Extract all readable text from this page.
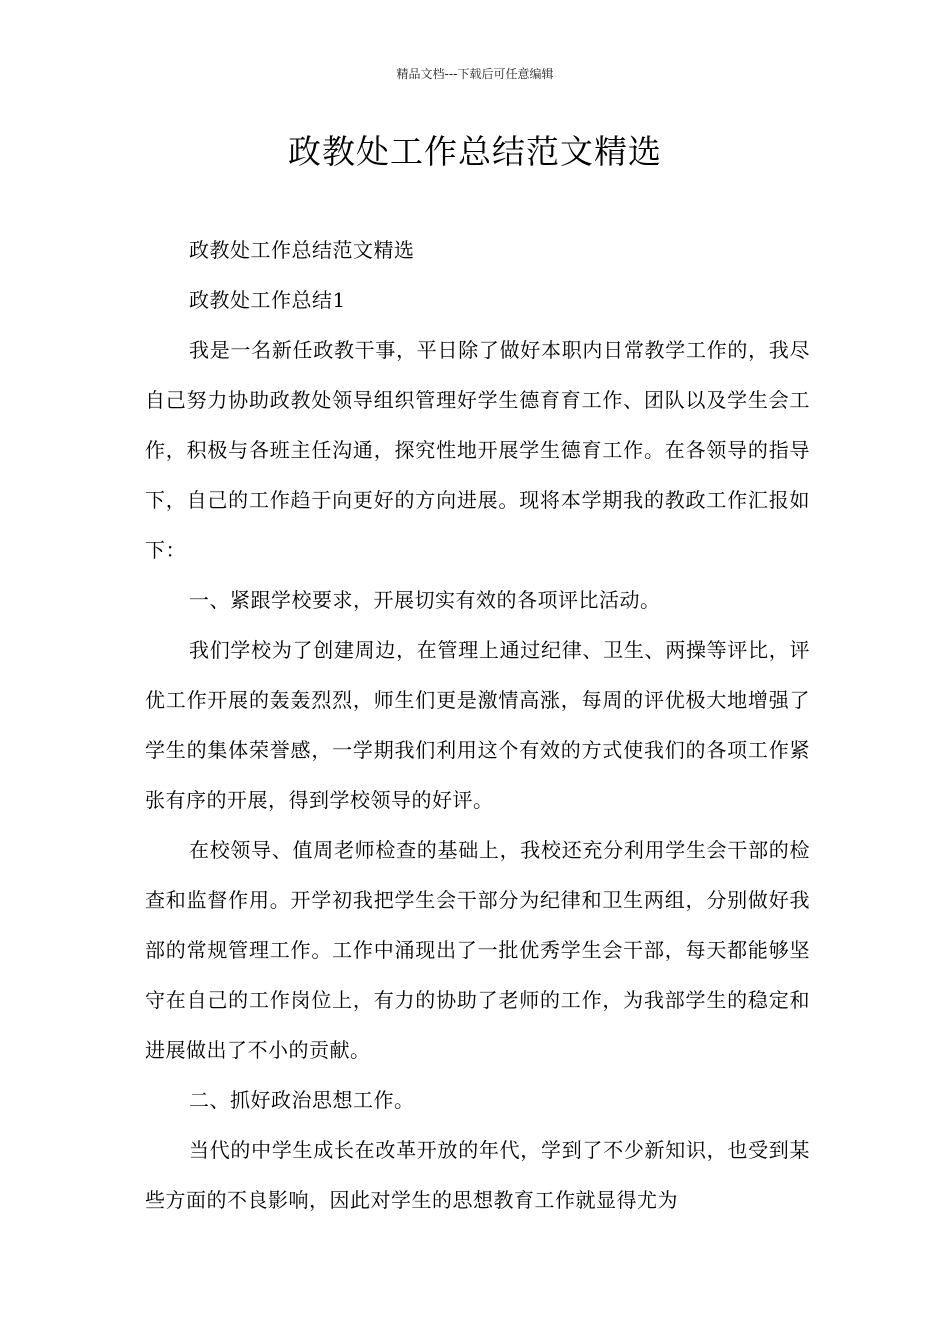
精品文档---下载后可任意编辑
政教处工作总结范文精选

政教处工作总结范文精选

政教处工作总结1

我是一名新任政教干事，平日除了做好本职内日常教学工作的，我尽自己努力协助政教处领导组织管理好学生德育育工作、团队以及学生会工作，积极与各班主任沟通，探究性地开展学生德育工作。在各领导的指导下，自己的工作趋于向更好的方向进展。现将本学期我的教政工作汇报如下：

一、紧跟学校要求，开展切实有效的各项评比活动。

我们学校为了创建周边，在管理上通过纪律、卫生、两操等评比，评优工作开展的轰轰烈烈，师生们更是激情高涨，每周的评优极大地增强了学生的集体荣誉感，一学期我们利用这个有效的方式使我们的各项工作紧张有序的开展，得到学校领导的好评。

在校领导、值周老师检查的基础上，我校还充分利用学生会干部的检查和监督作用。开学初我把学生会干部分为纪律和卫生两组，分别做好我部的常规管理工作。工作中涌现出了一批优秀学生会干部，每天都能够坚守在自己的工作岗位上，有力的协助了老师的工作，为我部学生的稳定和进展做出了不小的贡献。

二、抓好政治思想工作。

当代的中学生成长在改革开放的年代，学到了不少新知识，也受到某些方面的不良影响，因此对学生的思想教育工作就显得尤为
